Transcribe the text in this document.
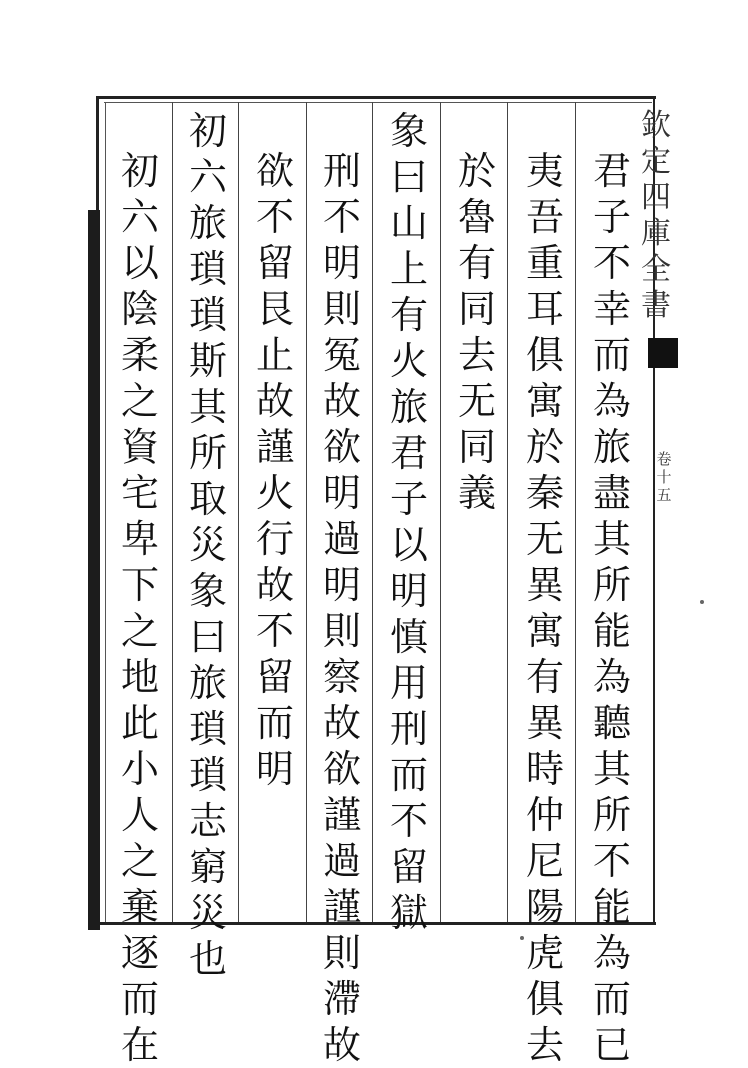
欽
定
四
庫
全
書
卷
十
五
君
子
不
幸
而
為
旅
盡
其
所
能
為
聽
其
所
不
能
為
而
已
夷
吾
重
耳
俱
寓
於
秦
无
異
寓
有
異
時
仲
尼
陽
虎
俱
去
於
魯
有
同
去
无
同
義
象
曰
山
上
有
火
旅
君
子
以
明
慎
用
刑
而
不
留
獄
刑
不
明
則
冤
故
欲
明
過
明
則
察
故
欲
謹
過
謹
則
滯
故
欲
不
留
艮
止
故
謹
火
行
故
不
留
而
明
初
六
旅
瑣
瑣
斯
其
所
取
災
象
曰
旅
瑣
瑣
志
窮
災
也
初
六
以
陰
柔
之
資
宅
卑
下
之
地
此
小
人
之
棄
逐
而
在
